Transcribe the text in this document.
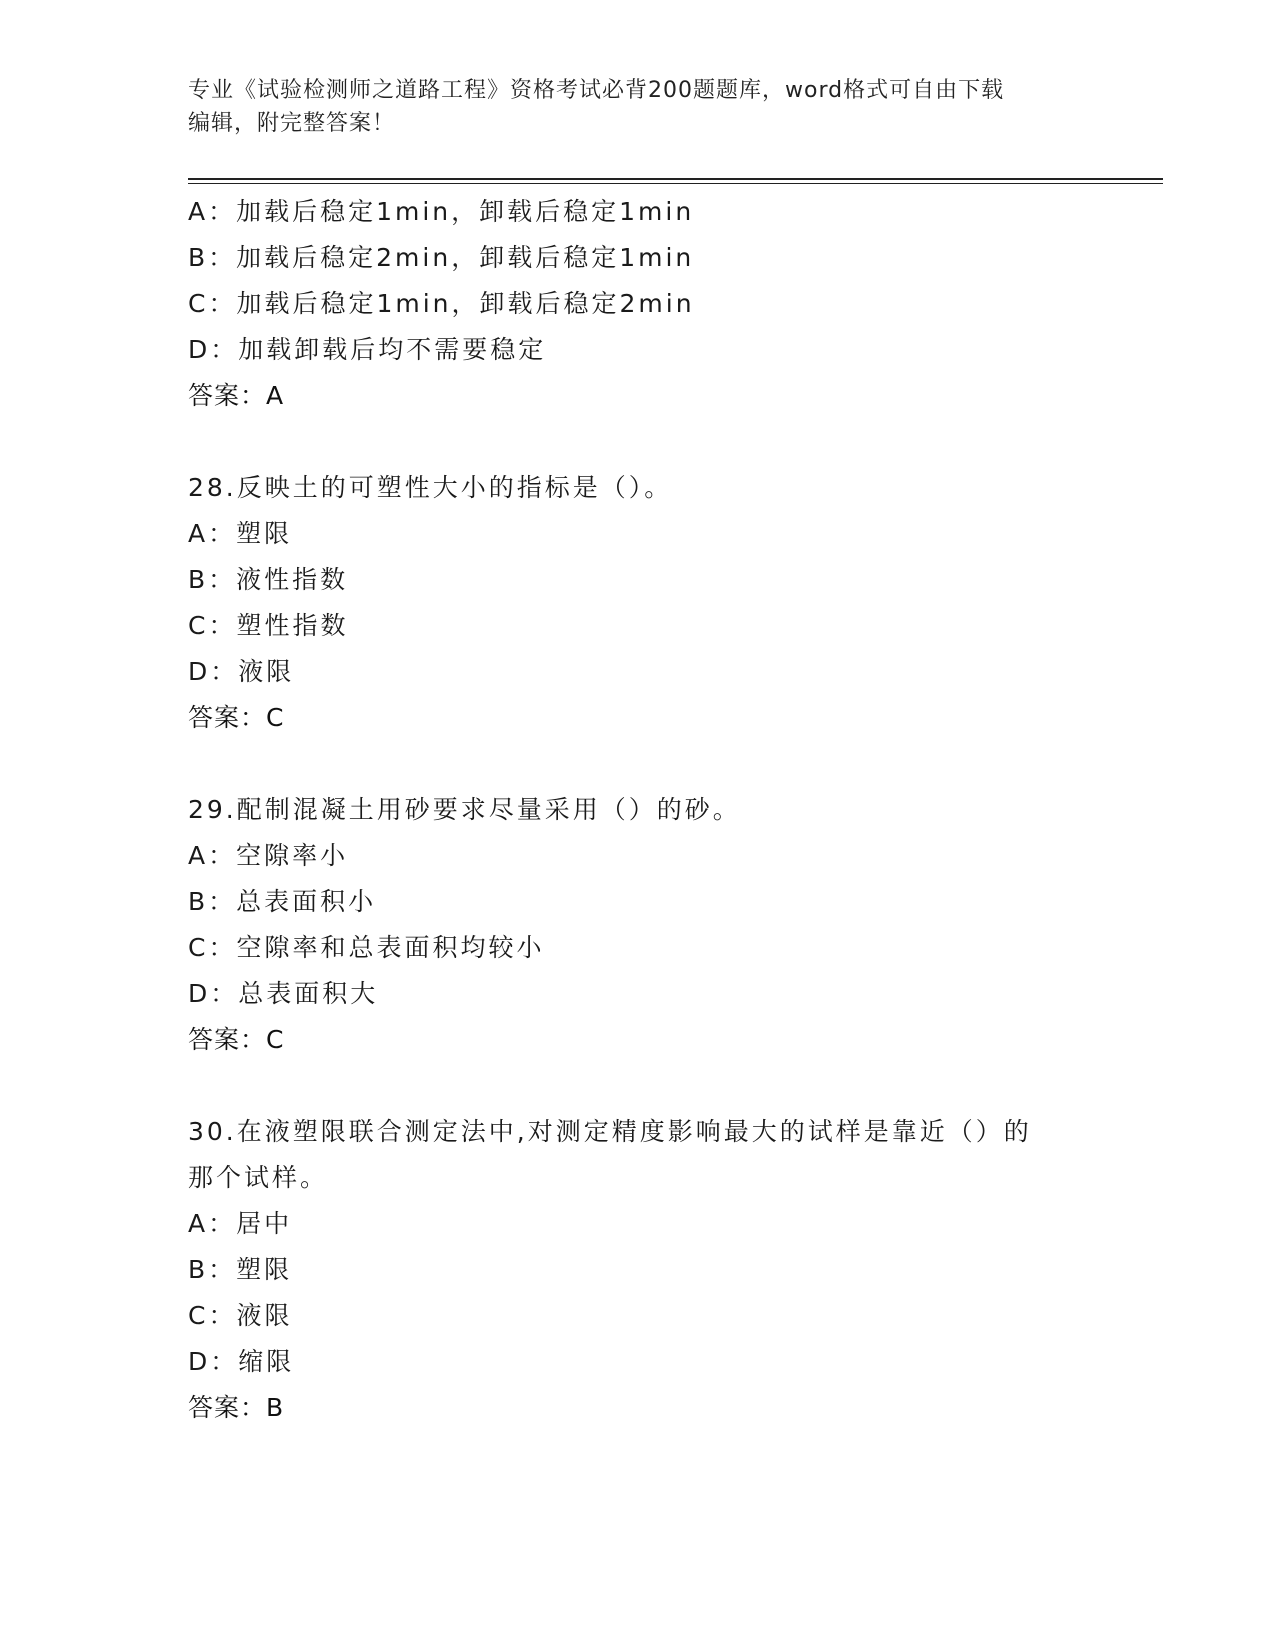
专业《试验检测师之道路工程》资格考试必背200题题库，word格式可自由下载
编辑，附完整答案！
A：加载后稳定1min，卸载后稳定1min
B：加载后稳定2min，卸载后稳定1min
C：加载后稳定1min，卸载后稳定2min
D：加载卸载后均不需要稳定
答案：A
28.反映土的可塑性大小的指标是（）。
A：塑限
B：液性指数
C：塑性指数
D：液限
答案：C
29.配制混凝土用砂要求尽量采用（）的砂。
A：空隙率小
B：总表面积小
C：空隙率和总表面积均较小
D：总表面积大
答案：C
30.在液塑限联合测定法中,对测定精度影响最大的试样是靠近（）的
那个试样。
A：居中
B：塑限
C：液限
D：缩限
答案：B
